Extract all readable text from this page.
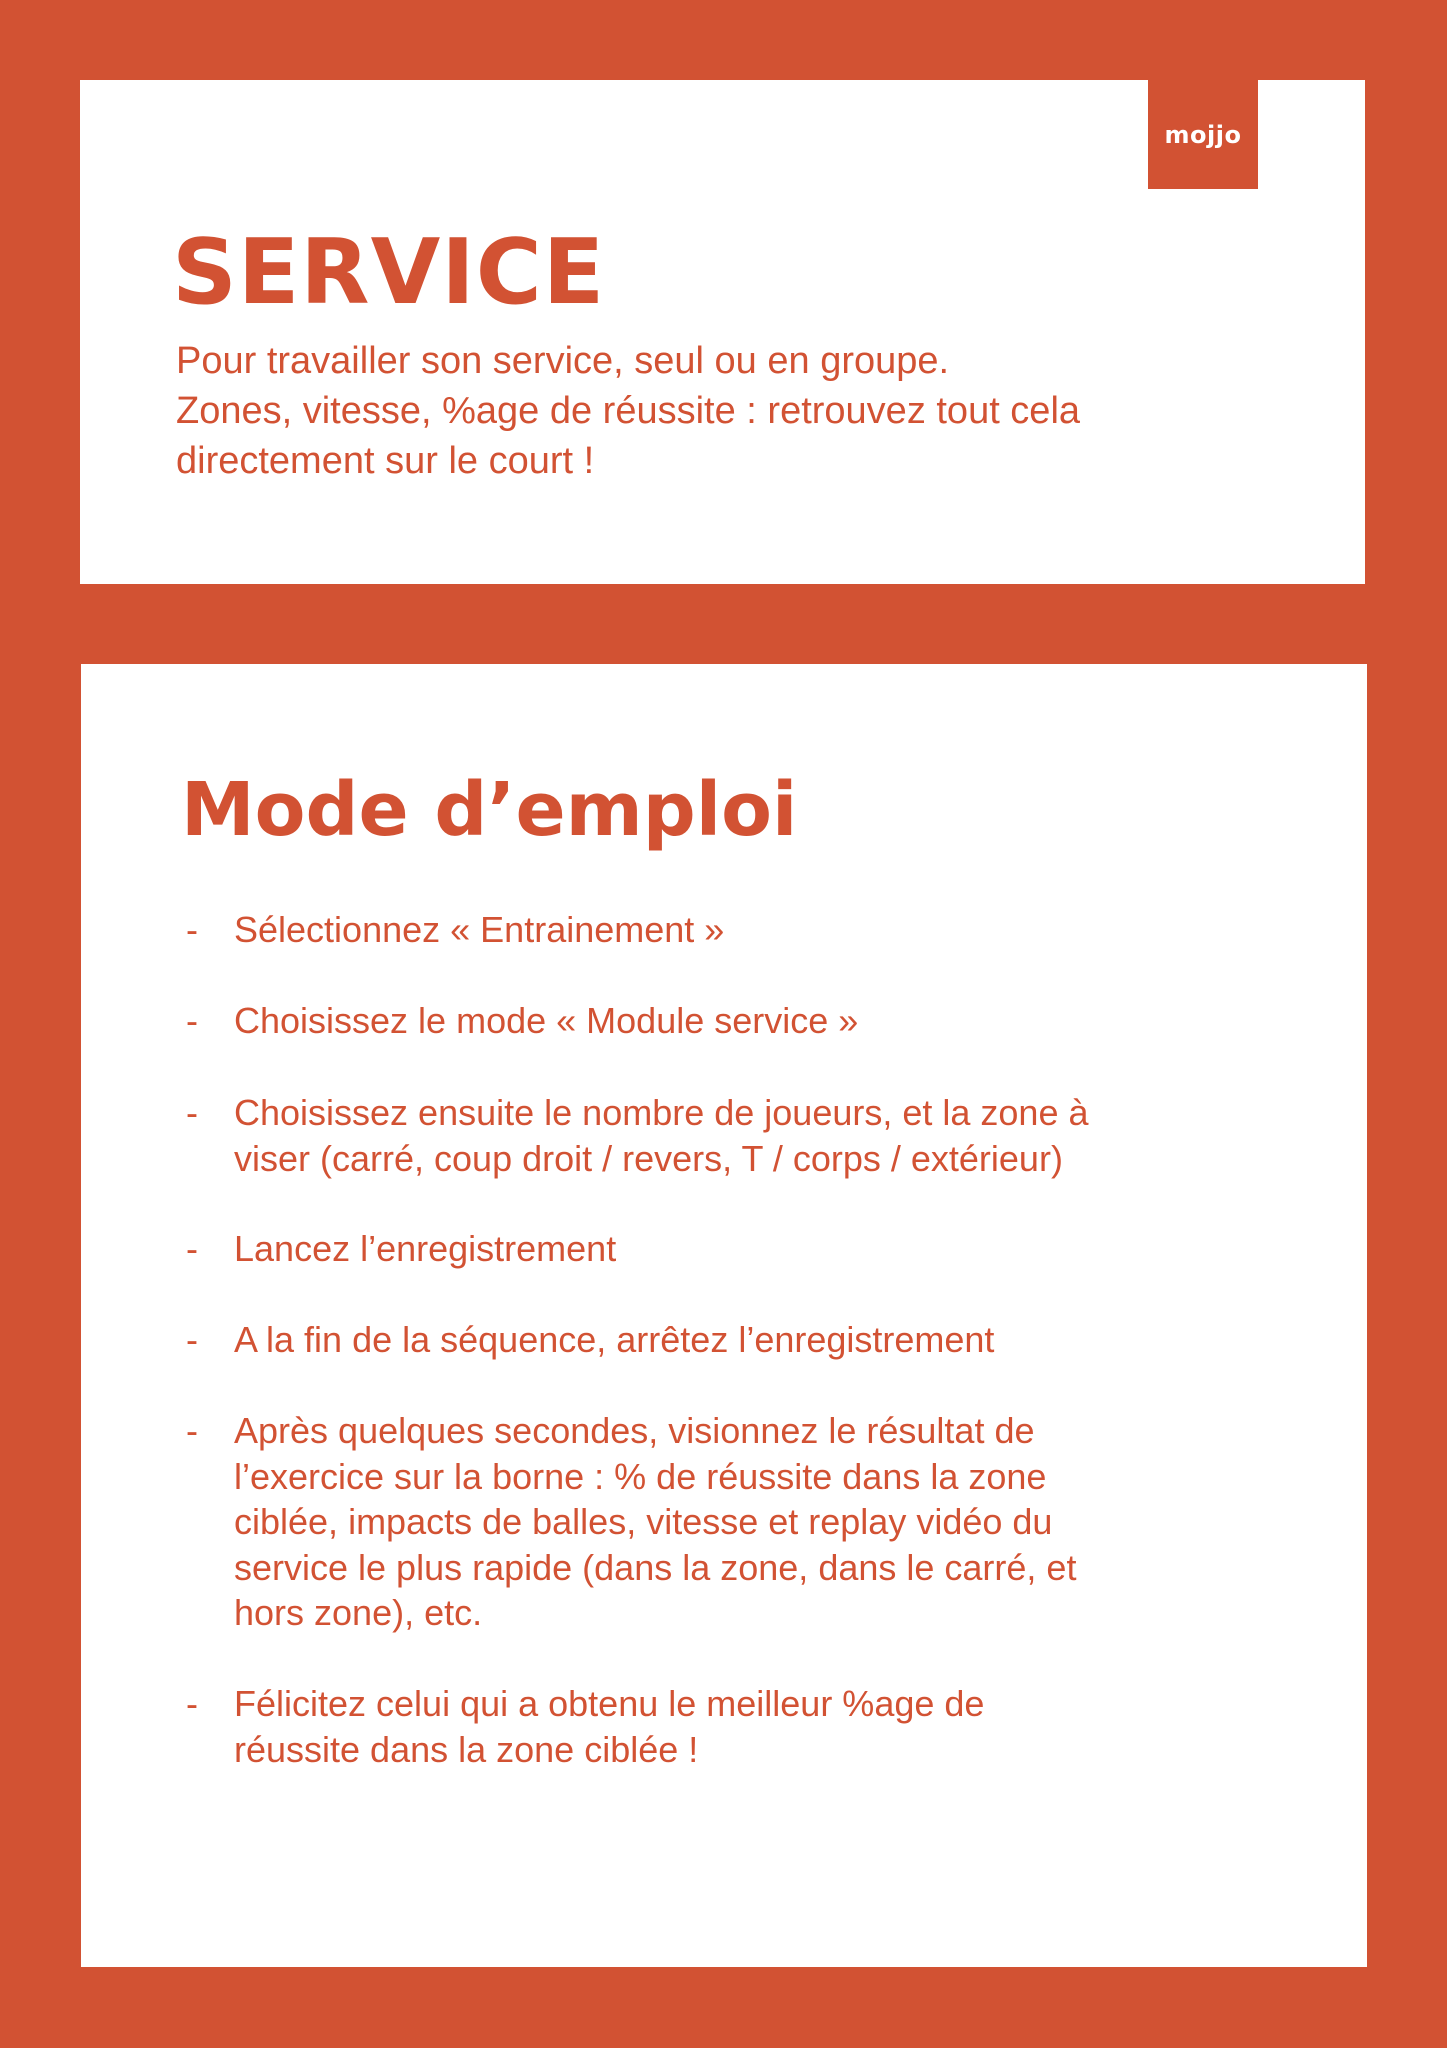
mojjo
SERVICE
Pour travailler son service, seul ou en groupe.
Zones, vitesse, %age de réussite : retrouvez tout cela
directement sur le court !
Mode d’emploi
-	Sélectionnez « Entrainement »
-	Choisissez le mode « Module service »
-	Choisissez ensuite le nombre de joueurs, et la zone à
viser (carré, coup droit / revers, T / corps / extérieur)
-	Lancez l’enregistrement
-	A la fin de la séquence, arrêtez l’enregistrement
-	Après quelques secondes, visionnez le résultat de
l’exercice sur la borne : % de réussite dans la zone
ciblée, impacts de balles, vitesse et replay vidéo du
service le plus rapide (dans la zone, dans le carré, et
hors zone), etc.
-	Félicitez celui qui a obtenu le meilleur %age de
réussite dans la zone ciblée !
